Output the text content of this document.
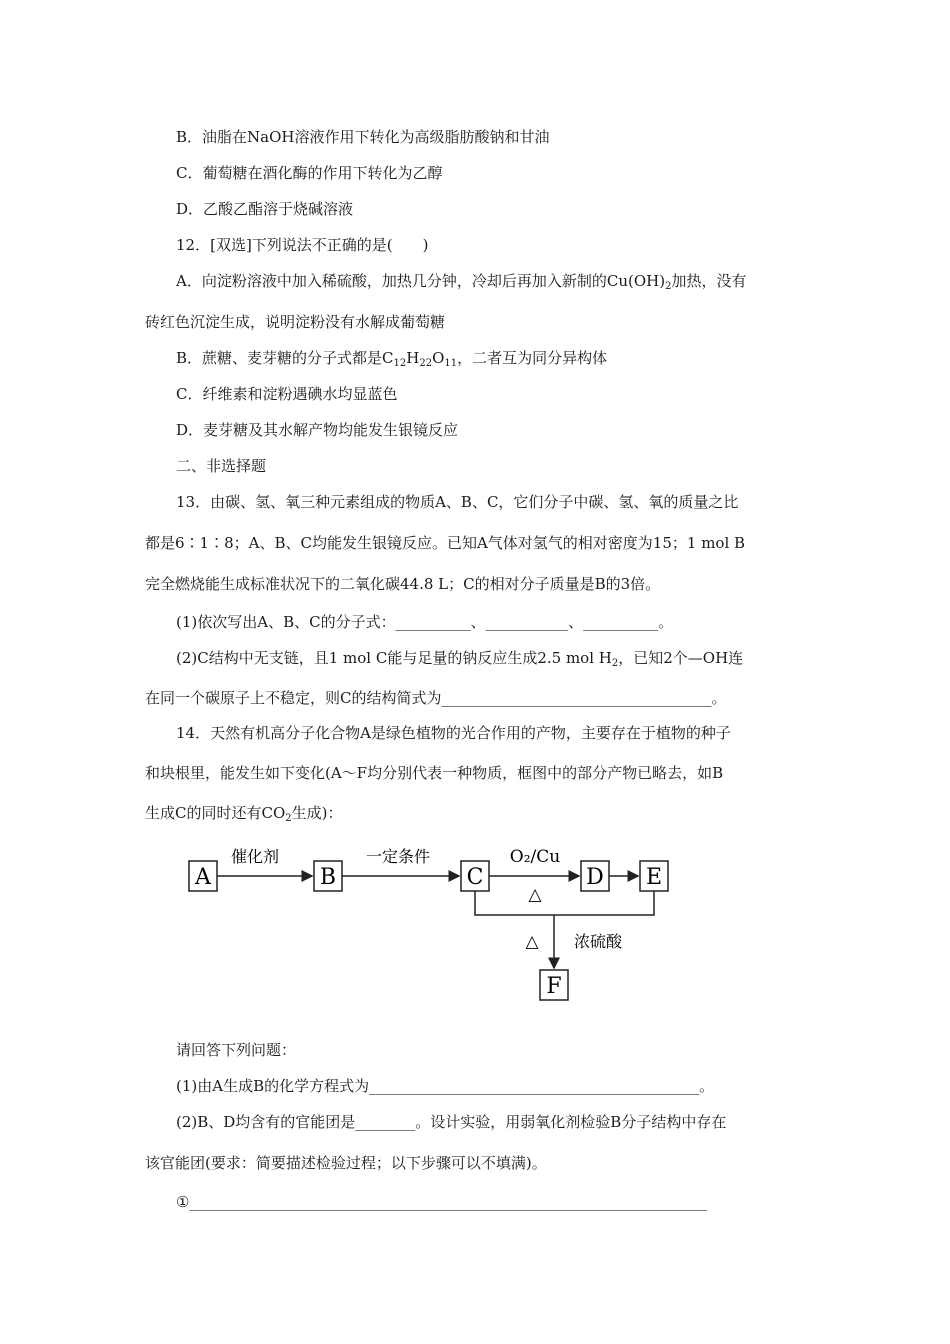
B．油脂在NaOH溶液作用下转化为高级脂肪酸钠和甘油
C．葡萄糖在酒化酶的作用下转化为乙醇
D．乙酸乙酯溶于烧碱溶液
12．[双选]下列说法不正确的是(　　)
A．向淀粉溶液中加入稀硫酸，加热几分钟，冷却后再加入新制的$Cu(OH)_2$加热，没有
砖红色沉淀生成，说明淀粉没有水解成葡萄糖
B．蔗糖、麦芽糖的分子式都是$C_{12}H_{22}O_{11}$，二者互为同分异构体
C．纤维素和淀粉遇碘水均显蓝色
D．麦芽糖及其水解产物均能发生银镜反应
二、非选择题
13．由碳、氢、氧三种元素组成的物质A、B、C，它们分子中碳、氢、氧的质量之比
都是6∶1∶8；A、B、C均能发生银镜反应。已知A气体对氢气的相对密度为15；1 mol B
完全燃烧能生成标准状况下的二氧化碳44.8 L；C的相对分子质量是B的3倍。
(1)依次写出A、B、C的分子式：__________、___________、__________。
(2)C结构中无支链，且1 mol C能与足量的钠反应生成2.5 mol $H_2$，已知2个—OH连
在同一个碳原子上不稳定，则C的结构简式为____________________________________。
14．天然有机高分子化合物A是绿色植物的光合作用的产物，主要存在于植物的种子
和块根里，能发生如下变化(A～F均分别代表一种物质，框图中的部分产物已略去，如B
生成C的同时还有$CO_2$生成)：
A
催化剂
B
一定条件
C
O₂/Cu
△
D E
△ 浓硫酸
F
请回答下列问题：
(1)由A生成B的化学方程式为____________________________________________。
(2)B、D均含有的官能团是________。设计实验，用弱氧化剂检验B分子结构中存在
该官能团(要求：简要描述检验过程；以下步骤可以不填满)。
①_____________________________________________________________________
